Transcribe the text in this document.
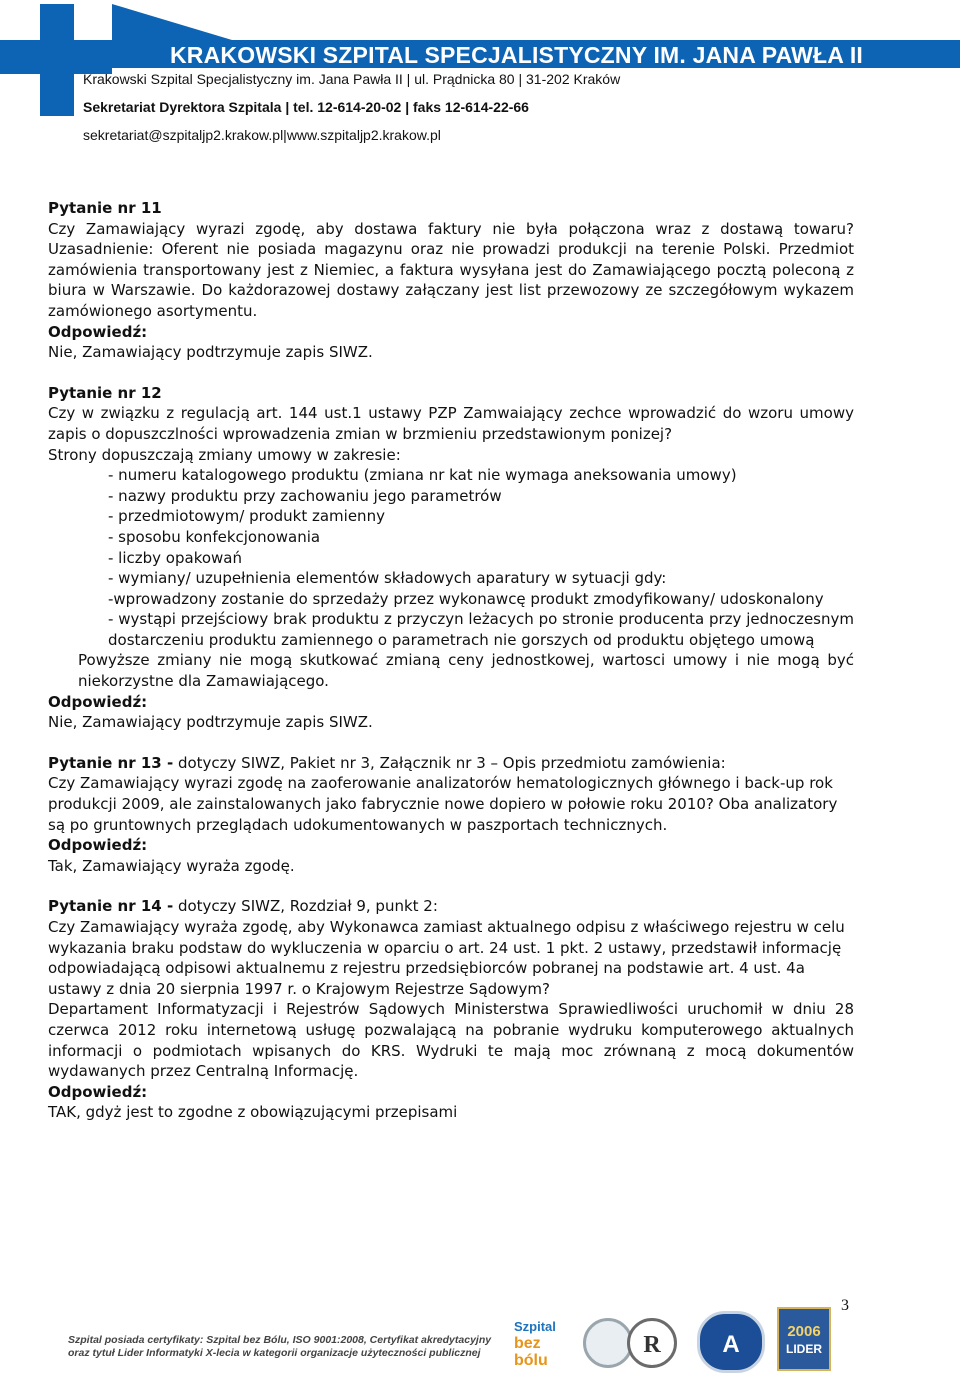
KRAKOWSKI SZPITAL SPECJALISTYCZNY IM. JANA PAWŁA II
Krakowski Szpital Specjalistyczny im. Jana Pawła II | ul. Prądnicka 80 | 31-202 Kraków
Sekretariat Dyrektora Szpitala | tel. 12-614-20-02 | faks 12-614-22-66
sekretariat@szpitaljp2.krakow.pl|www.szpitaljp2.krakow.pl

Pytanie nr 11

Czy Zamawiający wyrazi zgodę, aby dostawa faktury nie była połączona wraz z dostawą towaru? Uzasadnienie: Oferent nie posiada magazynu oraz nie prowadzi produkcji na terenie Polski. Przedmiot zamówienia transportowany jest z Niemiec, a faktura wysyłana jest do Zamawiającego pocztą poleconą z biura w Warszawie. Do każdorazowej dostawy załączany jest list przewozowy ze szczegółowym wykazem zamówionego asortymentu.

Odpowiedź:

Nie, Zamawiający podtrzymuje zapis SIWZ.

Pytanie nr 12

Czy w związku z regulacją art. 144 ust.1 ustawy PZP Zamwaiający zechce wprowadzić do wzoru umowy zapis o dopuszczlności wprowadzenia zmian w brzmieniu przedstawionym ponizej?

Strony dopuszczają zmiany umowy w zakresie:

- numeru katalogowego produktu (zmiana nr kat nie wymaga aneksowania umowy)

- nazwy produktu przy zachowaniu jego parametrów

- przedmiotowym/ produkt zamienny

- sposobu konfekcjonowania

- liczby opakowań

- wymiany/ uzupełnienia elementów składowych aparatury w sytuacji gdy:

-wprowadzony zostanie do sprzedaży przez wykonawcę produkt zmodyfikowany/ udoskonalony

- wystąpi przejściowy brak produktu z przyczyn leżacych po stronie producenta przy jednoczesnym dostarczeniu produktu zamiennego o parametrach nie gorszych od produktu objętego umową

Powyższe zmiany nie mogą skutkować zmianą ceny jednostkowej, wartosci umowy i nie mogą być niekorzystne dla Zamawiającego.

Odpowiedź:

Nie, Zamawiający podtrzymuje zapis SIWZ.

Pytanie nr 13 - dotyczy SIWZ, Pakiet nr 3, Załącznik nr 3 – Opis przedmiotu zamówienia:

Czy Zamawiający wyrazi zgodę na zaoferowanie analizatorów hematologicznych głównego i back-up rok produkcji 2009, ale zainstalowanych jako fabrycznie nowe dopiero w połowie roku 2010? Oba analizatory są po gruntownych przeglądach udokumentowanych w paszportach technicznych.

Odpowiedź:

Tak, Zamawiający wyraża zgodę.

Pytanie nr 14 - dotyczy SIWZ, Rozdział 9, punkt 2:

Czy Zamawiający wyraża zgodę, aby Wykonawca zamiast aktualnego odpisu z właściwego rejestru w celu wykazania braku podstaw do wykluczenia w oparciu o art. 24 ust. 1 pkt. 2 ustawy, przedstawił informację odpowiadającą odpisowi aktualnemu z rejestru przedsiębiorców pobranej na podstawie art. 4 ust. 4a ustawy z dnia 20 sierpnia 1997 r. o Krajowym Rejestrze Sądowym?

Departament Informatyzacji i Rejestrów Sądowych Ministerstwa Sprawiedliwości uruchomił w dniu 28 czerwca 2012 roku internetową usługę pozwalającą na pobranie wydruku komputerowego aktualnych informacji o podmiotach wpisanych do KRS. Wydruki te mają moc zrównaną z mocą dokumentów wydawanych przez Centralną Informację.

Odpowiedź:

TAK, gdyż jest to zgodne z obowiązującymi przepisami

3
Szpital posiada certyfikaty: Szpital bez Bólu, ISO 9001:2008, Certyfikat akredytacyjny
oraz tytuł Lider Informatyki X-lecia w kategorii organizacje użyteczności publicznej
Szpital
bez bólu
R	A	2006
LIDER
